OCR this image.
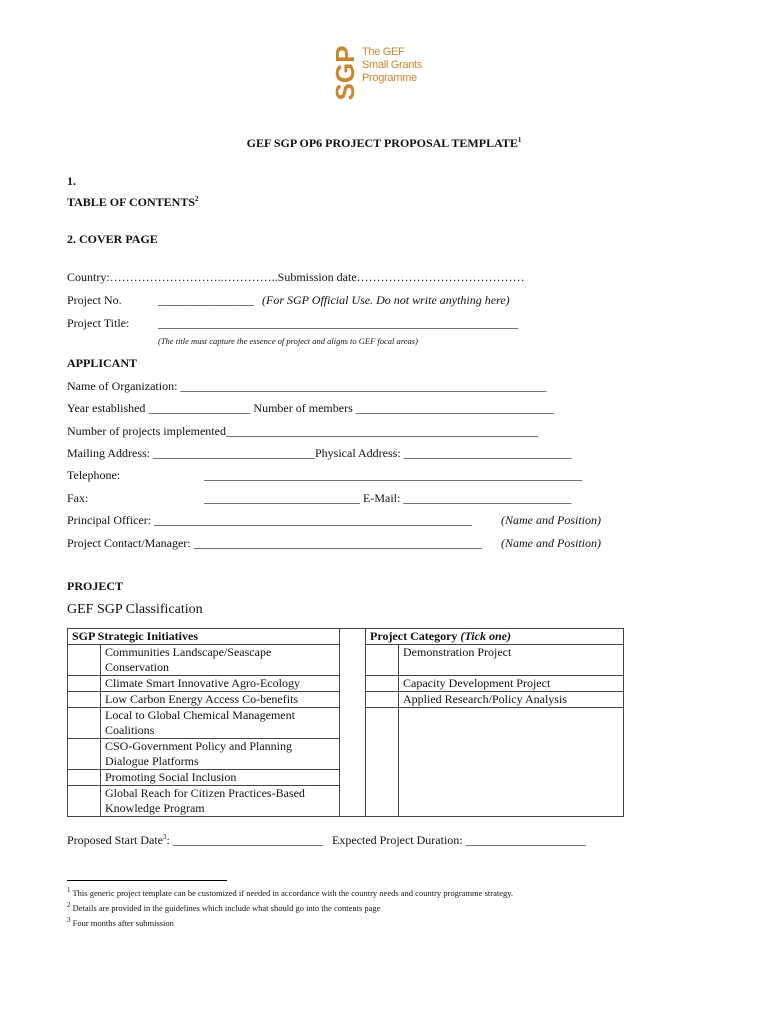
SGP The GEF
Small Grants
Programme
GEF SGP OP6 PROJECT PROPOSAL TEMPLATE$^1$
1.
TABLE OF CONTENTS$^2$
2. COVER PAGE
Country:………………………..…………..Submission date……………………………………
Project No.	________________ (For SGP Official Use. Do not write anything here)
Project Title: ____________________________________________________________
(The title must capture the essence of project and aligns to GEF focal areas)
APPLICANT
Name of Organization: _____________________________________________________________
Year established _________________ Number of members _________________________________
Number of projects implemented____________________________________________________
Mailing Address: ___________________________Physical Address: ____________________________
Telephone:	_______________________________________________________________
Fax:	__________________________ E-Mail: ____________________________
Principal Officer: _____________________________________________________ (Name and Position)
Project Contact/Manager: ________________________________________________ (Name and Position)
PROJECT
GEF SGP Classification
SGP Strategic Initiatives			Project Category (Tick one)	
	Communities Landscape/Seascape Conservation			Demonstration Project
	Climate Smart Innovative Agro-Ecology			Capacity Development Project
	Low Carbon Energy Access Co-benefits			Applied Research/Policy Analysis
	Local to Global Chemical Management Coalitions			
	CSO-Government Policy and Planning Dialogue Platforms			
	Promoting Social Inclusion			
	Global Reach for Citizen Practices-Based Knowledge Program			
Proposed Start Date$^3$: _________________________ Expected Project Duration: ____________________
$^1$ This generic project template can be customized if needed in accordance with the country needs and country programme strategy.
$^2$ Details are provided in the guidelines which include what should go into the contents page
$^3$ Four months after submission
